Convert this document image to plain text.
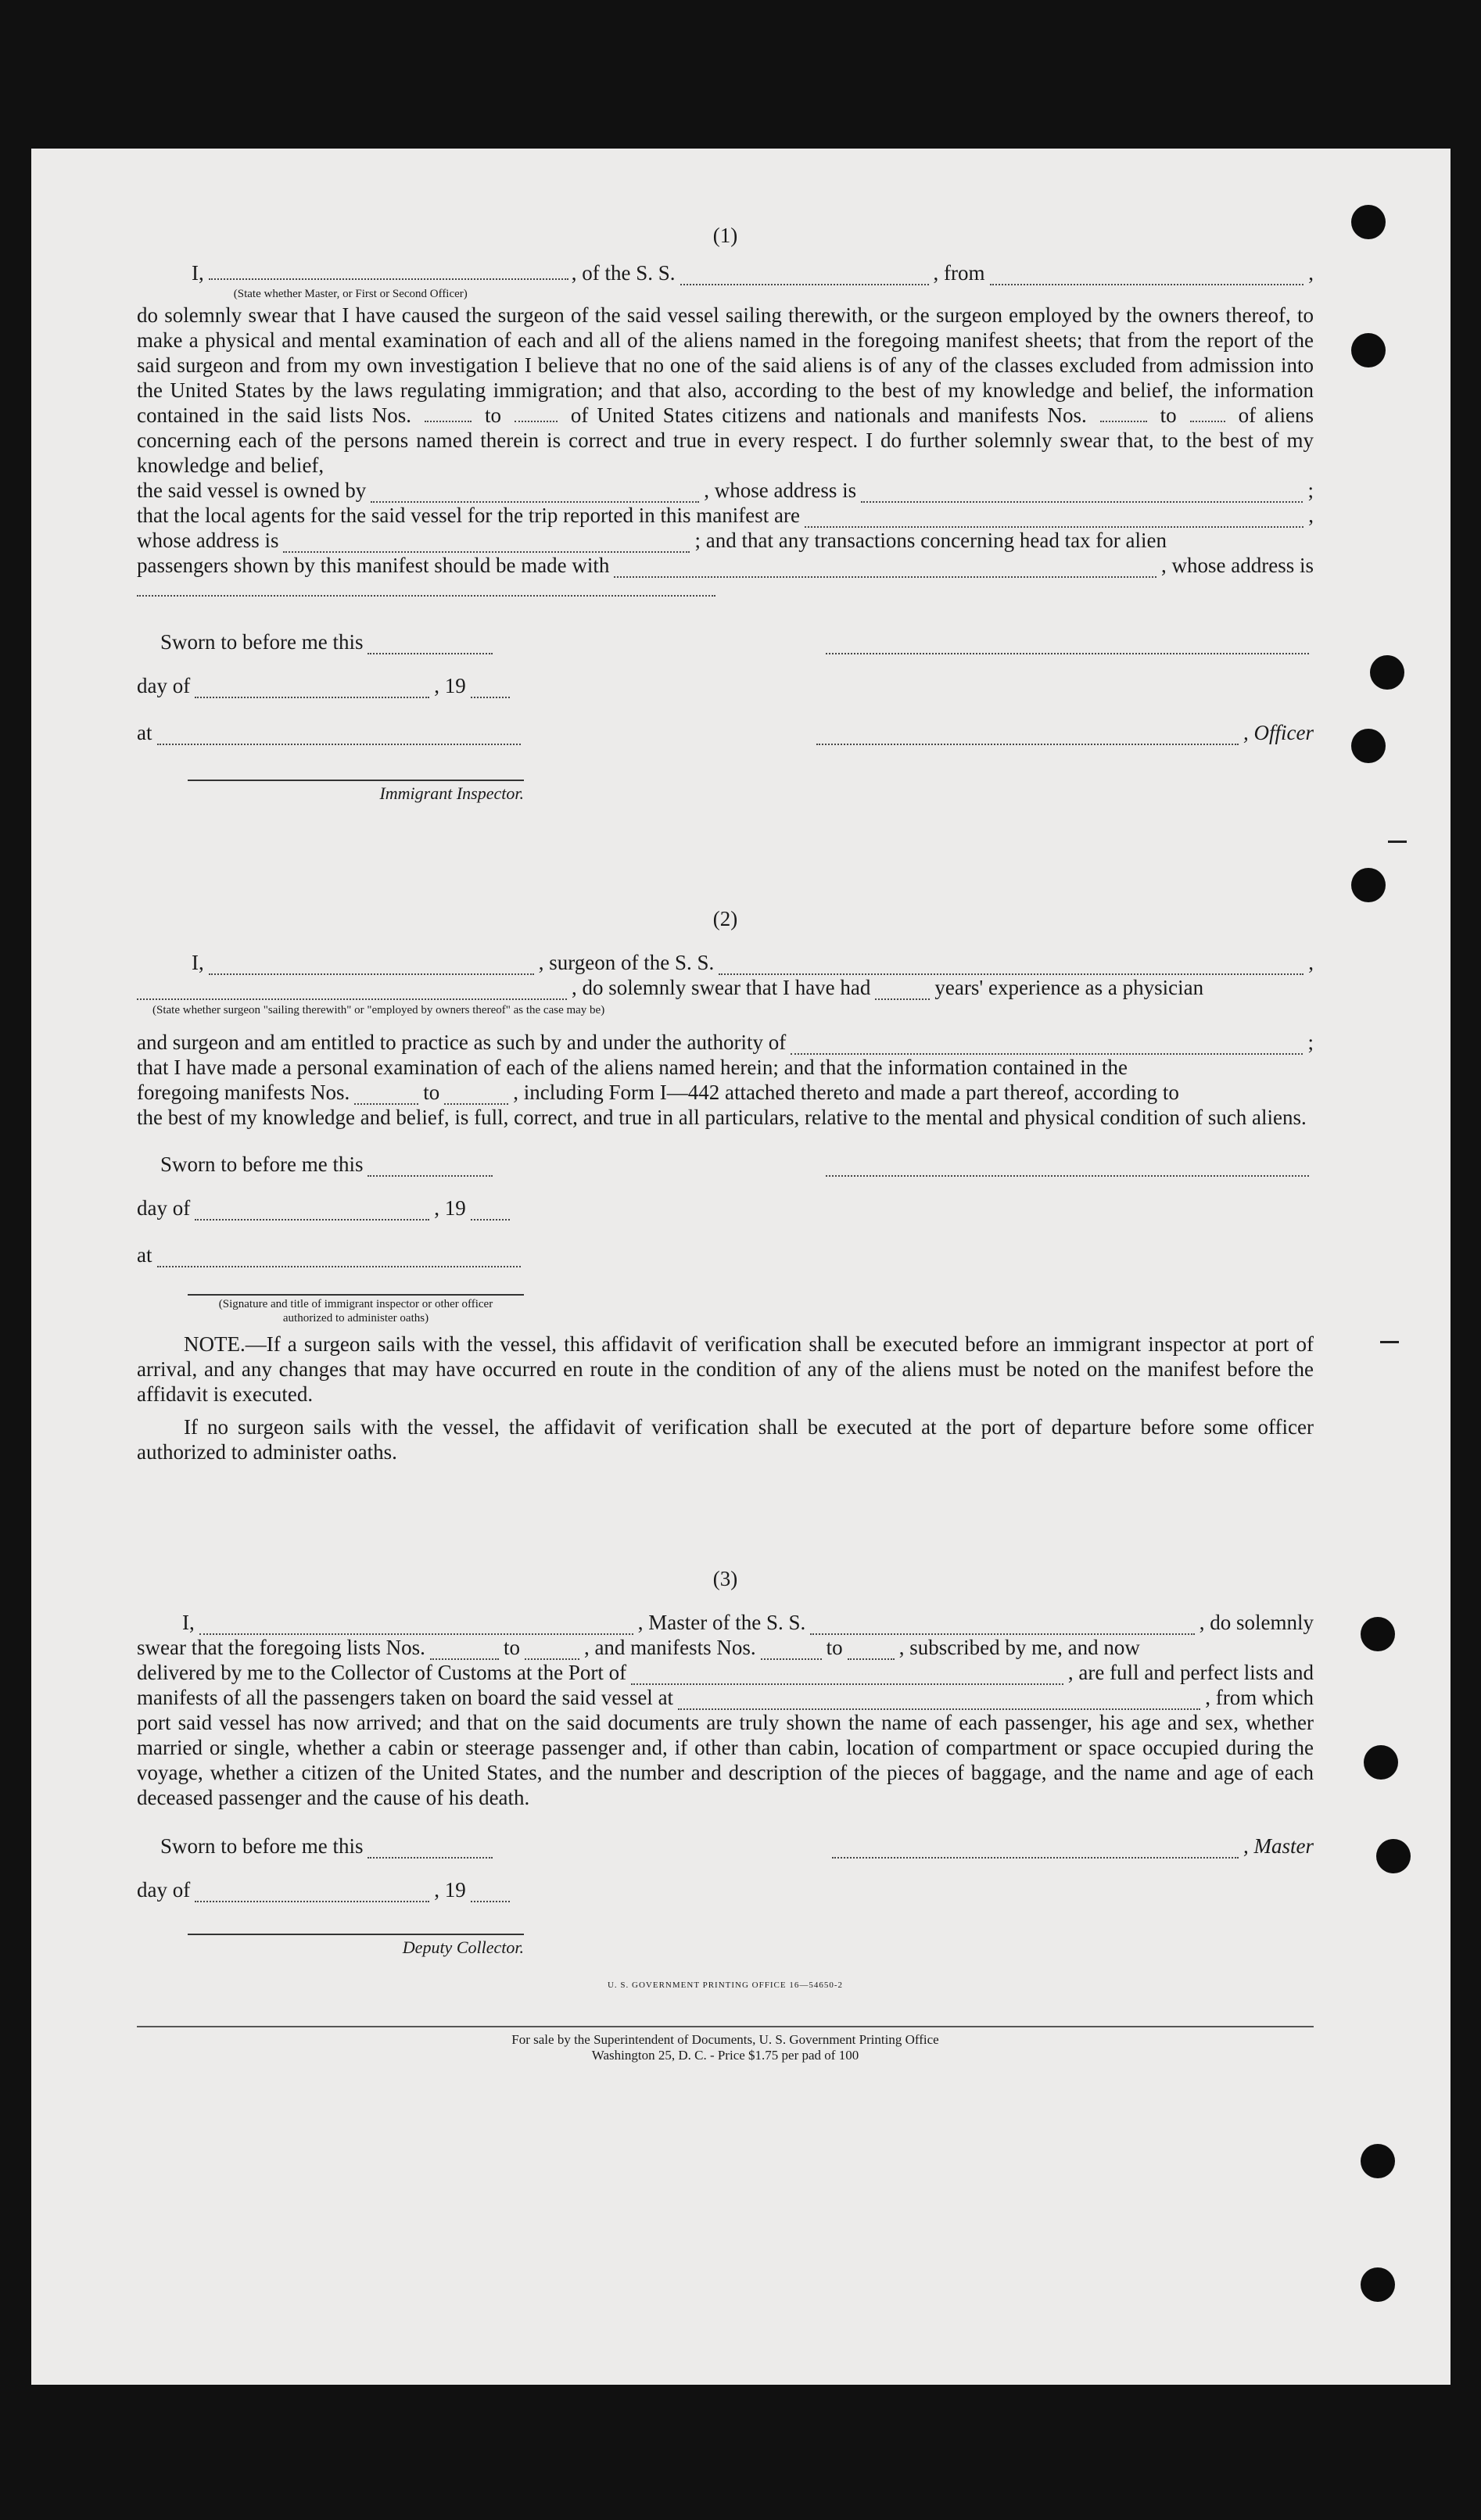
(1)

I,
(State whether Master, or First or Second Officer)
, of the S. S.	, from	,

do solemnly swear that I have caused the surgeon of the said vessel sailing therewith, or the surgeon employed by the owners thereof, to make a physical and mental examination of each and all of the aliens named in the foregoing manifest sheets; that from the report of the said surgeon and from my own investigation I believe that no one of the said aliens is of any of the classes excluded from admission into the United States by the laws regulating immigration; and that also, according to the best of my knowledge and belief, the information contained in the said lists Nos.	to	of United States citizens and nationals and manifests Nos.	to	of aliens concerning each of the persons named therein is correct and true in every respect. I do further solemnly swear that, to the best of my knowledge and belief,

the said vessel is owned by	, whose address is	;
that the local agents for the said vessel for the trip reported in this manifest are	,
whose address is	; and that any transactions concerning head tax for alien
passengers shown by this manifest should be made with	, whose address is
Sworn to before me this
day of	, 19
at	, Officer
Immigrant Inspector.

(2)

I,	, surgeon of the S. S.	,
, do solemnly swear that I have had	years' experience as a physician
(State whether surgeon "sailing therewith" or "employed by owners thereof" as the case may be)
and surgeon and am entitled to practice as such by and under the authority of	;
that I have made a personal examination of each of the aliens named herein; and that the information contained in the
foregoing manifests Nos.	to	, including Form I—442 attached thereto and made a part thereof, according to

the best of my knowledge and belief, is full, correct, and true in all particulars, relative to the mental and physical condition of such aliens.

Sworn to before me this
day of	, 19
at
(Signature and title of immigrant inspector or other officer authorized to administer oaths)

NOTE.—If a surgeon sails with the vessel, this affidavit of verification shall be executed before an immigrant inspector at port of arrival, and any changes that may have occurred en route in the condition of any of the aliens must be noted on the manifest before the affidavit is executed.

If no surgeon sails with the vessel, the affidavit of verification shall be executed at the port of departure before some officer authorized to administer oaths.

(3)

I,	, Master of the S. S.	, do solemnly
swear that the foregoing lists Nos.	to	, and manifests Nos.	to	, subscribed by me, and now
delivered by me to the Collector of Customs at the Port of	, are full and perfect lists and
manifests of all the passengers taken on board the said vessel at	, from which

port said vessel has now arrived; and that on the said documents are truly shown the name of each passenger, his age and sex, whether married or single, whether a cabin or steerage passenger and, if other than cabin, location of compartment or space occupied during the voyage, whether a citizen of the United States, and the number and description of the pieces of baggage, and the name and age of each deceased passenger and the cause of his death.

Sworn to before me this	, Master
day of	, 19
Deputy Collector.
U. S. GOVERNMENT PRINTING OFFICE 16—54650-2
For sale by the Superintendent of Documents, U. S. Government Printing Office
Washington 25, D. C. - Price $1.75 per pad of 100
